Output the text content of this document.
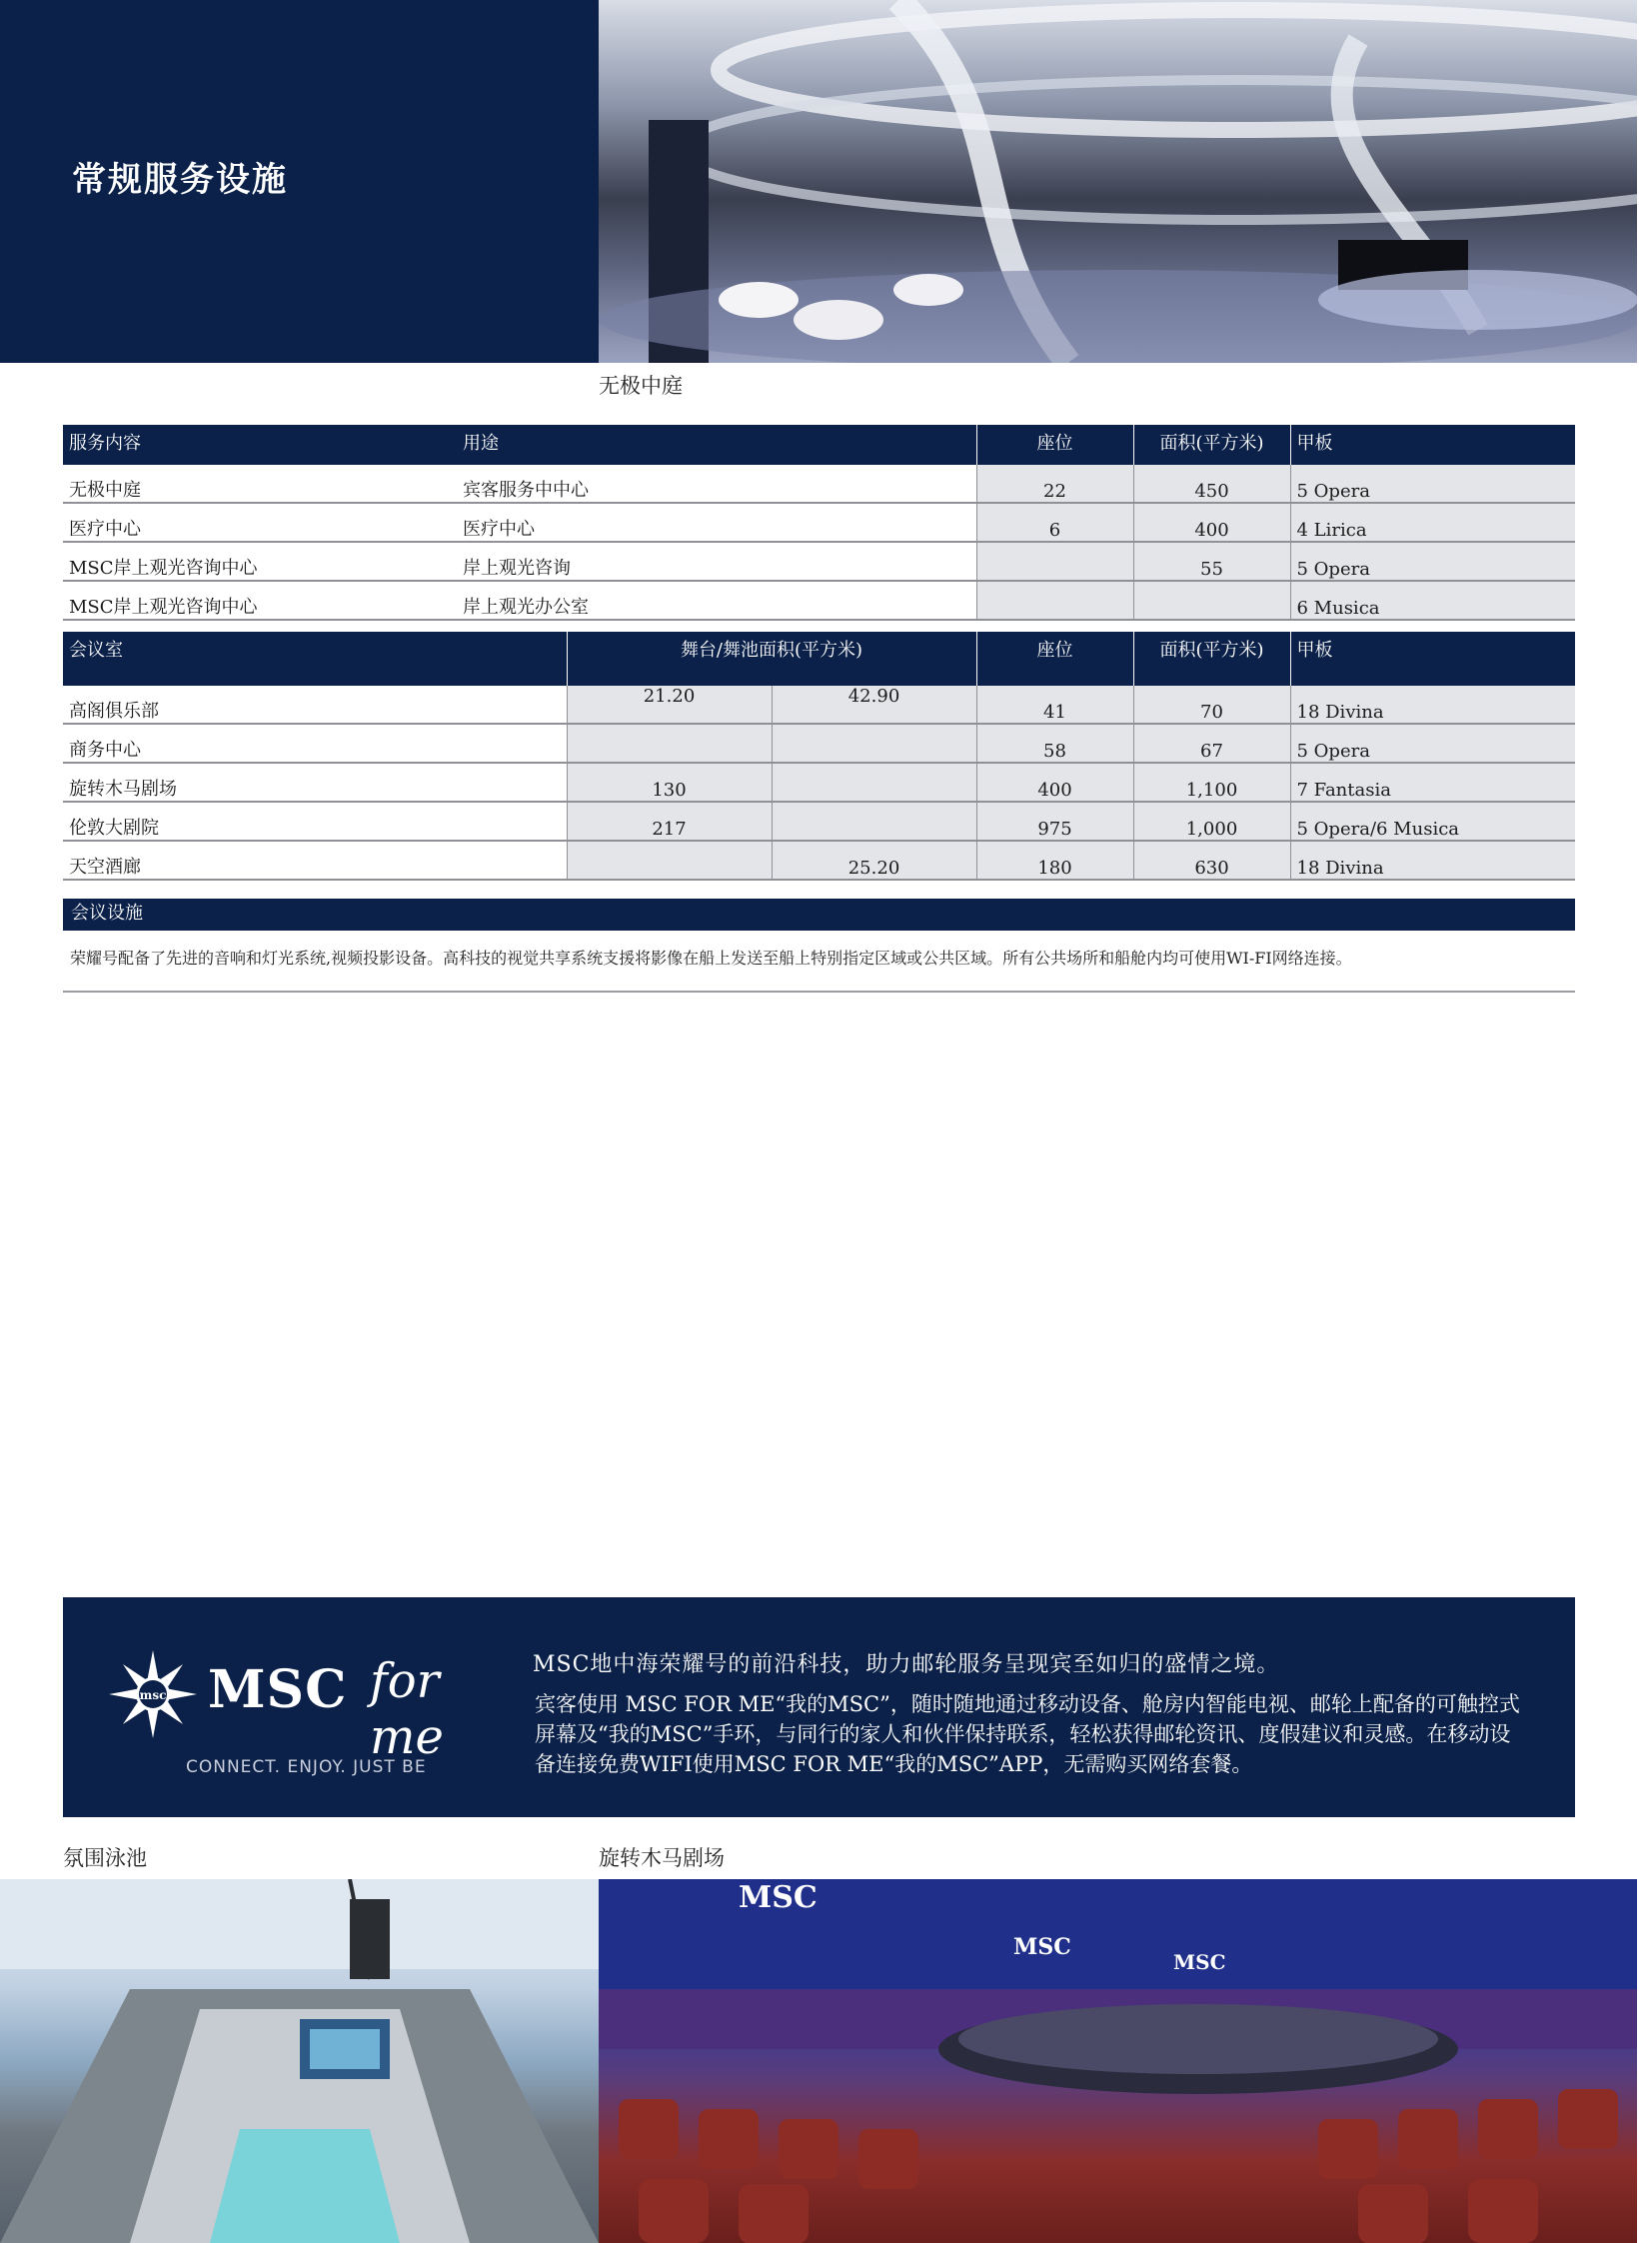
常规服务设施
无极中庭
服务内容	用途	座位	面积(平方米)	甲板
无极中庭	宾客服务中中心	22	450	5 Opera
医疗中心	医疗中心	6	400	4 Lirica
MSC岸上观光咨询中心	岸上观光咨询		55	5 Opera
MSC岸上观光咨询中心	岸上观光办公室			6 Musica
会议室	舞台/舞池面积(平方米)		座位	面积(平方米)	甲板
高阁俱乐部	21.20	42.90	41	70	18 Divina
商务中心			58	67	5 Opera
旋转木马剧场	130		400	1,100	7 Fantasia
伦敦大剧院	217		975	1,000	5 Opera/6 Musica
天空酒廊		25.20	180	630	18 Divina
会议设施
荣耀号配备了先进的音响和灯光系统,视频投影设备。高科技的视觉共享系统支援将影像在船上发送至船上特别指定区域或公共区域。所有公共场所和船舱内均可使用WI-FI网络连接。
msc MSC for me
CONNECT. ENJOY. JUST BE
MSC地中海荣耀号的前沿科技，助力邮轮服务呈现宾至如归的盛情之境。
宾客使用 MSC FOR ME“我的MSC”，随时随地通过移动设备、舱房内智能电视、邮轮上配备的可触控式屏幕及“我的MSC”手环，与同行的家人和伙伴保持联系，轻松获得邮轮资讯、度假建议和灵感。在移动设备连接免费WIFI使用MSC FOR ME“我的MSC”APP，无需购买网络套餐。
氛围泳池	旋转木马剧场
MSC
MSC
MSC
